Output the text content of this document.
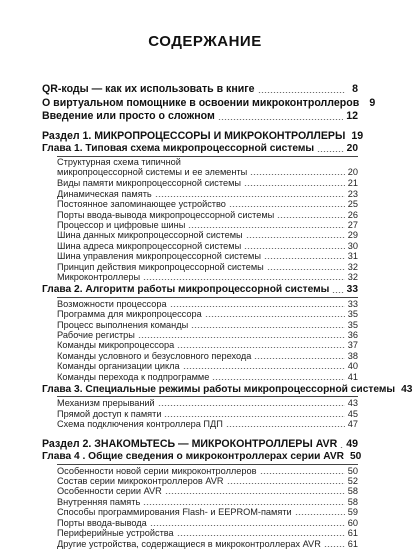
СОДЕРЖАНИЕ
QR-коды — как их использовать в книге	8
О виртуальном помощнике в освоении микроконтроллеров 9
Введение или просто о сложном	12
Раздел 1. МИКРОПРОЦЕССОРЫ И МИКРОКОНТРОЛЛЕРЫ 19
Глава 1. Типовая схема микропроцессорной системы	20
Структурная схема типичной
микропроцессорной системы и ее элементы	20
Виды памяти микропроцессорной системы	21
Динамическая память	23
Постоянное запоминающее устройство	25
Порты ввода-вывода микропроцессорной системы	26
Процессор и цифровые шины	27
Шина данных микропроцессорной системы	29
Шина адреса микропроцессорной системы	30
Шина управления микропроцессорной системы	31
Принцип действия микропроцессорной системы	32
Микроконтроллеры	32
Глава 2. Алгоритм работы микропроцессорной системы 33
Возможности процессора	33
Программа для микропроцессора	35
Процесс выполнения команды	35
Рабочие регистры	36
Команды микропроцессора	37
Команды условного и безусловного перехода	38
Команды организации цикла	40
Команды перехода к подпрограмме	41
Глава 3. Специальные режимы работы микропроцессорной системы 43
Механизм прерываний	43
Прямой доступ к памяти	45
Схема подключения контроллера ПДП	47
Раздел 2. ЗНАКОМЬТЕСЬ — МИКРОКОНТРОЛЛЕРЫ AVR 49
Глава 4 . Общие сведения о микроконтроллерах серии AVR 50
Особенности новой серии микроконтроллеров	50
Состав серии микроконтроллеров AVR	52
Особенности серии AVR	58
Внутренняя память	58
Способы программирования Flash- и EEPROM-памяти	59
Порты ввода-вывода	60
Периферийные устройства	61
Другие устройства, содержащиеся в микроконтроллерах AVR	61
